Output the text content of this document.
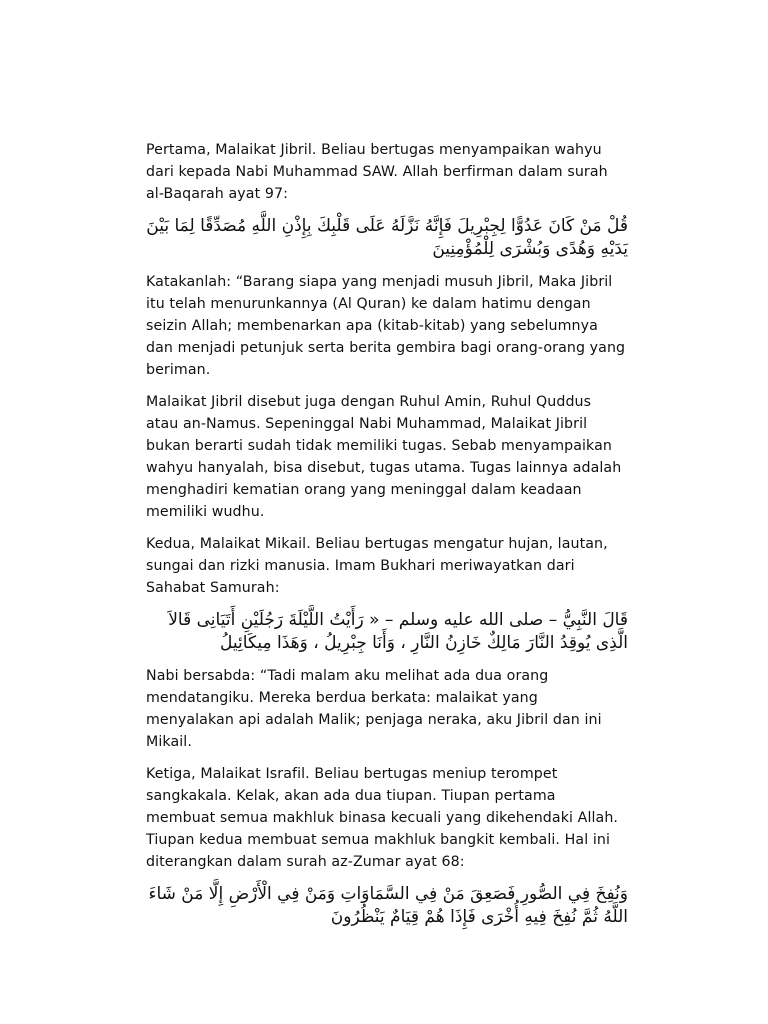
Pertama, Malaikat Jibril. Beliau bertugas menyampaikan wahyu dari kepada Nabi Muhammad SAW. Allah berfirman dalam surah al-Baqarah ayat 97:

قُلْ مَنْ كَانَ عَدُوًّا لِجِبْرِيلَ فَإِنَّهُ نَزَّلَهُ عَلَى قَلْبِكَ بِإِذْنِ اللَّهِ مُصَدِّقًا لِمَا بَيْنَ يَدَيْهِ وَهُدًى وَبُشْرَى لِلْمُؤْمِنِينَ

Katakanlah: “Barang siapa yang menjadi musuh Jibril, Maka Jibril itu telah menurunkannya (Al Quran) ke dalam hatimu dengan seizin Allah; membenarkan apa (kitab-kitab) yang sebelumnya dan menjadi petunjuk serta berita gembira bagi orang-orang yang beriman.

Malaikat Jibril disebut juga dengan Ruhul Amin, Ruhul Quddus atau an-Namus. Sepeninggal Nabi Muhammad, Malaikat Jibril bukan berarti sudah tidak memiliki tugas. Sebab menyampaikan wahyu hanyalah, bisa disebut, tugas utama. Tugas lainnya adalah menghadiri kematian orang yang meninggal dalam keadaan memiliki wudhu.

Kedua, Malaikat Mikail. Beliau bertugas mengatur hujan, lautan, sungai dan rizki manusia. Imam Bukhari meriwayatkan dari Sahabat Samurah:

قَالَ النَّبِيُّ – صلى الله عليه وسلم – « رَأَيْتُ اللَّيْلَةَ رَجُلَيْنِ أَتَيَانِى قَالاَ الَّذِى يُوقِدُ النَّارَ مَالِكٌ خَازِنُ النَّارِ ، وَأَنَا جِبْرِيلُ ، وَهَذَا مِيكَائِيلُ

Nabi bersabda: “Tadi malam aku melihat ada dua orang mendatangiku. Mereka berdua berkata: malaikat yang menyalakan api adalah Malik; penjaga neraka, aku Jibril dan ini Mikail.

Ketiga, Malaikat Israfil. Beliau bertugas meniup terompet sangkakala. Kelak, akan ada dua tiupan. Tiupan pertama membuat semua makhluk binasa kecuali yang dikehendaki Allah. Tiupan kedua membuat semua makhluk bangkit kembali. Hal ini diterangkan dalam surah az-Zumar ayat 68:

وَنُفِخَ فِي الصُّورِ فَصَعِقَ مَنْ فِي السَّمَاوَاتِ وَمَنْ فِي الْأَرْضِ إِلَّا مَنْ شَاءَ اللَّهُ ثُمَّ نُفِخَ فِيهِ أُخْرَى فَإِذَا هُمْ قِيَامٌ يَنْظُرُونَ
